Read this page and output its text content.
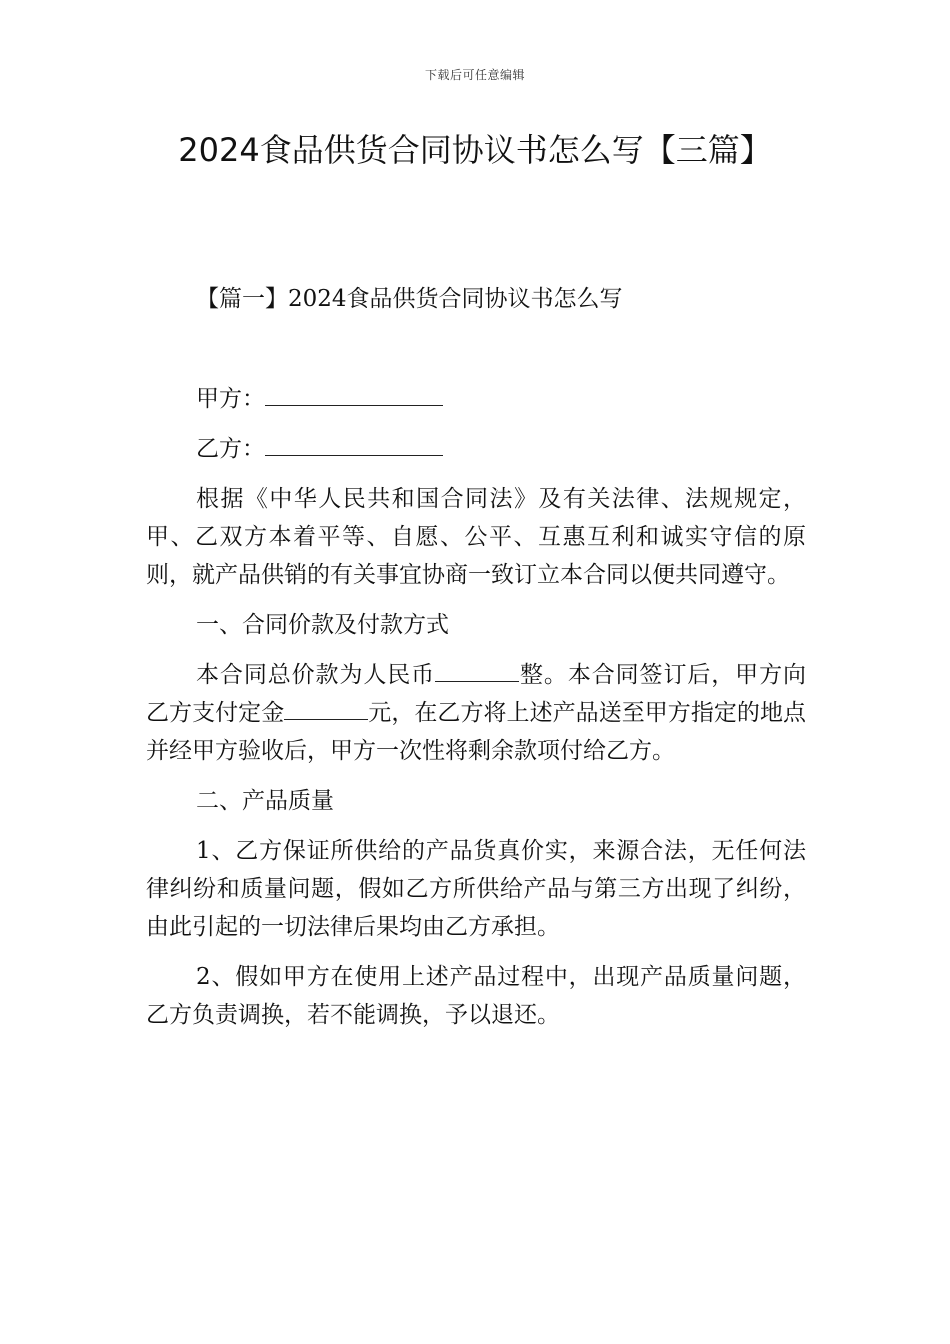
下载后可任意编辑
2024食品供货合同协议书怎么写【三篇】
【篇一】2024食品供货合同协议书怎么写

甲方：

乙方：

根据《中华人民共和国合同法》及有关法律、法规规定，甲、乙双方本着平等、自愿、公平、互惠互利和诚实守信的原则，就产品供销的有关事宜协商一致订立本合同以便共同遵守。

一、合同价款及付款方式

本合同总价款为人民币	整。本合同签订后，甲方向乙方支付定金	元，在乙方将上述产品送至甲方指定的地点并经甲方验收后，甲方一次性将剩余款项付给乙方。

二、产品质量

1、乙方保证所供给的产品货真价实，来源合法，无任何法律纠纷和质量问题，假如乙方所供给产品与第三方出现了纠纷，由此引起的一切法律后果均由乙方承担。

2、假如甲方在使用上述产品过程中，出现产品质量问题，乙方负责调换，若不能调换，予以退还。
